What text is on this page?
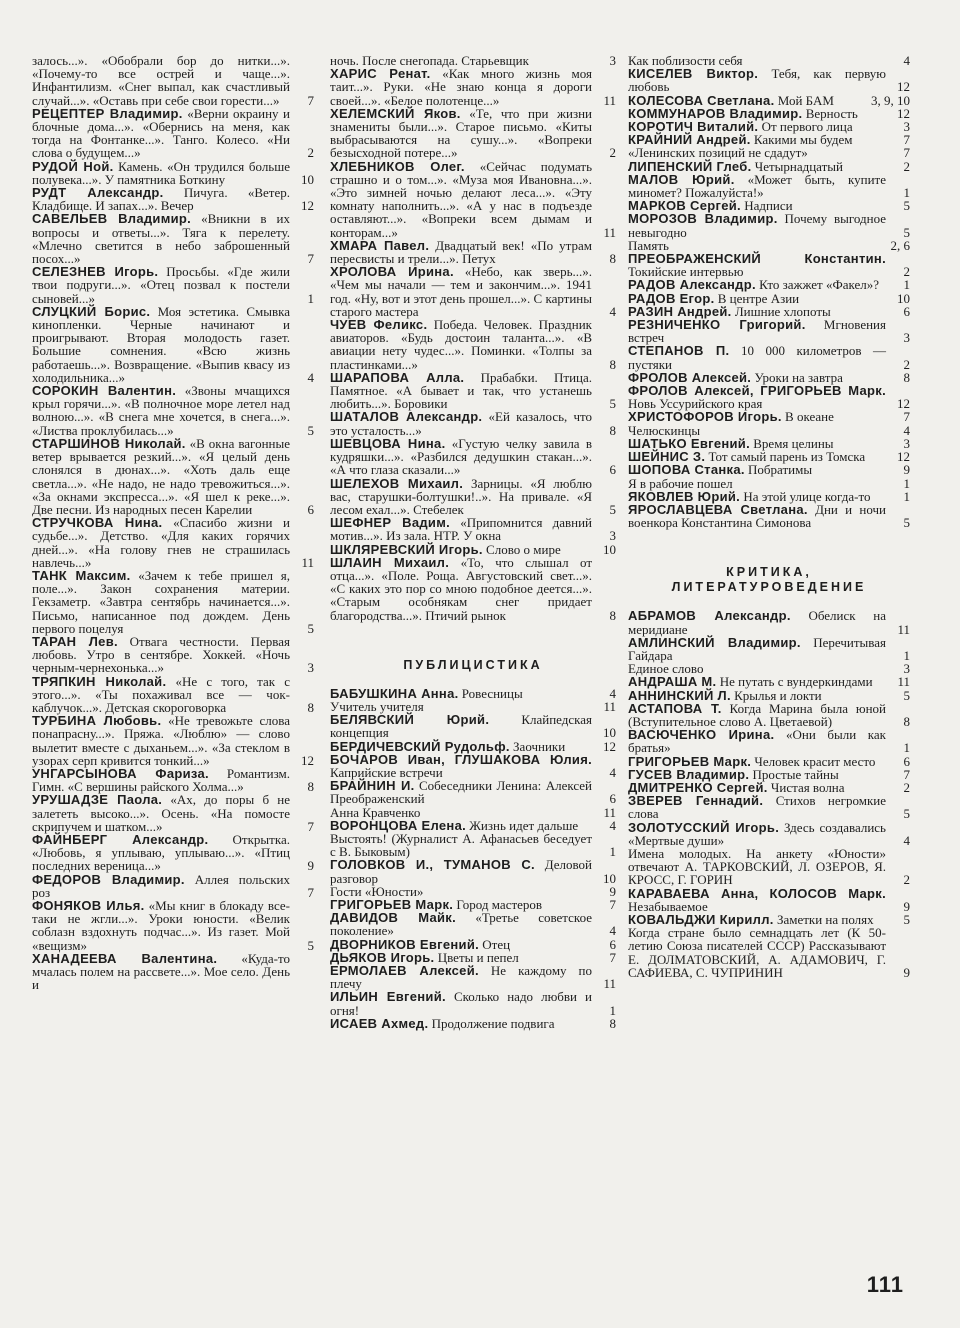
залось...». «Обобрали бор до нитки...». «Почему-то все острей и чаще...». Инфантилизм. «Снег выпал, как счастливый случай...». «Оставь при себе свои горести...»	7
РЕЦЕПТЕР Владимир. «Верни окраину и блочные дома...». «Обернись на меня, как тогда на Фонтанке...». Танго. Колесо. «Ни слова о будущем...»	2
РУДОЙ Ной. Камень. «Он трудился больше полувека...». У памятника Боткину	10
РУДТ Александр. Пичуга. «Ветер. Кладбище. И запах...». Вечер	12
САВЕЛЬЕВ Владимир. «Вникни в их вопросы и ответы...». Тяга к перелету. «Млечно светится в небо заброшенный посох...»	7
СЕЛЕЗНЕВ Игорь. Просьбы. «Где жили твои подруги...». «Отец позвал к постели сыновей...»	1
СЛУЦКИЙ Борис. Моя эстетика. Смывка кинопленки. Черные начинают и проигрывают. Вторая молодость газет. Большие сомнения. «Всю жизнь работаешь...». Возвращение. «Выпив квасу из холодильника...»	4
СОРОКИН Валентин. «Звоны мчащихся крыл горячи...». «В полночное море летел над волною...». «В снега мне хочется, в снега...». «Листва проклубилась...»	5
СТАРШИНОВ Николай. «В окна вагонные ветер врывается резкий...». «Я целый день слонялся в дюнах...». «Хоть даль еще светла...». «Не надо, не надо тревожиться...». «За окнами экспресса...». «Я шел к реке...». Две песни. Из народных песен Карелии	6
СТРУЧКОВА Нина. «Спасибо жизни и судьбе...». Детство. «Для каких горячих дней...». «На голову гнев не страшилась навлечь...»	11
ТАНК Максим. «Зачем к тебе пришел я, поле...». Закон сохранения материи. Гекзаметр. «Завтра сентябрь начинается...». Письмо, написанное под дождем. День первого поцелуя	5
ТАРАН Лев. Отвага честности. Первая любовь. Утро в сентябре. Хоккей. «Ночь черным-чернехонька...»	3
ТРЯПКИН Николай. «Не с того, так с этого...». «Ты похаживал все — чок-каблучок...». Детская скороговорка	8
ТУРБИНА Любовь. «Не тревожьте слова понапрасну...». Пряжа. «Люблю» — слово вылетит вместе с дыханьем...». «За стеклом в узорах серп кривится тонкий...»	12
УНГАРСЫНОВА Фариза. Романтизм. Гимн. «С вершины райского Холма...»	8
УРУШАДЗЕ Паола. «Ах, до поры б не залететь высоко...». Осень. «На помосте скрипучем и шатком...»	7
ФАЙНБЕРГ Александр. Открытка. «Любовь, я уплываю, уплываю...». «Птиц последних вереница...»	9
ФЕДОРОВ Владимир. Аллея польских роз	7
ФОНЯКОВ Илья. «Мы книг в блокаду все-таки не жгли...». Уроки юности. «Велик соблазн вздохнуть подчас...». Из газет. Мой «вещизм»	5
ХАНАДЕЕВА Валентина. «Куда-то мчалась полем на рассвете...». Мое село. День и
ночь. После снегопада. Старьевщик	3
ХАРИС Ренат. «Как много жизнь моя таит...». Руки. «Не знаю конца я дороги своей...». «Белое полотенце...»	11
ХЕЛЕМСКИЙ Яков. «Те, что при жизни знамениты были...». Старое письмо. «Киты выбрасываются на сушу...». «Вопреки безысходной потере...»	2
ХЛЕБНИКОВ Олег. «Сейчас подумать страшно и о том...». «Муза моя Ивановна...». «Это зимней ночью делают леса...». «Эту комнату наполнить...». «А у нас в подъезде оставляют...». «Вопреки всем дымам и конторам...»	11
ХМАРА Павел. Двадцатый век! «По утрам пересвисты и трели...». Петух	8
ХРОЛОВА Ирина. «Небо, как зверь...». «Чем мы начали — тем и закончим...». 1941 год. «Ну, вот и этот день прошел...». С картины старого мастера	4
ЧУЕВ Феликс. Победа. Человек. Праздник авиаторов. «Будь достоин таланта...». «В авиации нету чудес...». Поминки. «Толпы за пластинками...»	8
ШАРАПОВА Алла. Прабабки. Птица. Памятное. «А бывает и так, что устанешь любить...». Боровики	5
ШАТАЛОВ Александр. «Ей казалось, что это усталость...»	8
ШЕВЦОВА Нина. «Густую челку завила в кудряшки...». «Разбился дедушкин стакан...». «А что глаза сказали...»	6
ШЕЛЕХОВ Михаил. Зарницы. «Я люблю вас, старушки-болтушки!..». На привале. «Я лесом ехал...». Стебелек	5
ШЕФНЕР Вадим. «Припомнится давний мотив...». Из зала. НТР. У окна	3
ШКЛЯРЕВСКИЙ Игорь. Слово о мире	10
ШЛАИН Михаил. «То, что слышал от отца...». «Поле. Роща. Августовский свет...». «С каких это пор со мною подобное деется...». «Старым особнякам снег придает благородства...». Птичий рынок	8
ПУБЛИЦИСТИКА
БАБУШКИНА Анна. Ровесницы	4
Учитель учителя	11
БЕЛЯВСКИЙ Юрий. Клайпедская концепция	10
БЕРДИЧЕВСКИЙ Рудольф. Заочники	12
БОЧАРОВ Иван, ГЛУШАКОВА Юлия. Каприйские встречи	4
БРАЙНИН И. Собеседники Ленина: Алексей Преображенский	6
Анна Кравченко	11
ВОРОНЦОВА Елена. Жизнь идет дальше	4
Выстоять! (Журналист А. Афанасьев беседует с В. Быковым)	1
ГОЛОВКОВ И., ТУМАНОВ С. Деловой разговор	10
Гости «Юности»	9
ГРИГОРЬЕВ Марк. Город мастеров	7
ДАВИДОВ Майк. «Третье советское поколение»	4
ДВОРНИКОВ Евгений. Отец	6
ДЬЯКОВ Игорь. Цветы и пепел	7
ЕРМОЛАЕВ Алексей. Не каждому по плечу	11
ИЛЬИН Евгений. Сколько надо любви и огня!	1
ИСАЕВ Ахмед. Продолжение подвига	8
Как поблизости себя	4
КИСЕЛЕВ Виктор. Тебя, как первую любовь	12
КОЛЕСОВА Светлана. Мой БАМ	3, 9, 10
КОММУНАРОВ Владимир. Верность	12
КОРОТИЧ Виталий. От первого лица	3
КРАЙНИЙ Андрей. Какими мы будем	7
«Ленинских позиций не сдадут»	7
ЛИПЕНСКИЙ Глеб. Четырнадцатый	2
МАЛОВ Юрий. «Может быть, купите миномет? Пожалуйста!»	1
МАРКОВ Сергей. Надписи	5
МОРОЗОВ Владимир. Почему выгодное невыгодно	5
Память	2, 6
ПРЕОБРАЖЕНСКИЙ Константин. Токийские интервью	2
РАДОВ Александр. Кто зажжет «Факел»?	1
РАДОВ Егор. В центре Азии	10
РАЗИН Андрей. Лишние хлопоты	6
РЕЗНИЧЕНКО Григорий. Мгновения встреч	3
СТЕПАНОВ П. 10 000 километров — пустяки	2
ФРОЛОВ Алексей. Уроки на завтра	8
ФРОЛОВ Алексей, ГРИГОРЬЕВ Марк. Новь Уссурийского края	12
ХРИСТОФОРОВ Игорь. В океане	7
Челюскинцы	4
ШАТЬКО Евгений. Время целины	3
ШЕЙНИС З. Тот самый парень из Томска	12
ШОПОВА Станка. Побратимы	9
Я в рабочие пошел	1
ЯКОВЛЕВ Юрий. На этой улице когда-то	1
ЯРОСЛАВЦЕВА Светлана. Дни и ночи военкора Константина Симонова	5
КРИТИКА,
ЛИТЕРАТУРОВЕДЕНИЕ
АБРАМОВ Александр. Обелиск на меридиане	11
АМЛИНСКИЙ Владимир. Перечитывая Гайдара	1
Единое слово	3
АНДРАША М. Не путать с вундеркиндами	11
АННИНСКИЙ Л. Крылья и локти	5
АСТАПОВА Т. Когда Марина была юной (Вступительное слово А. Цветаевой)	8
ВАСЮЧЕНКО Ирина. «Они были как братья»	1
ГРИГОРЬЕВ Марк. Человек красит место	6
ГУСЕВ Владимир. Простые тайны	7
ДМИТРЕНКО Сергей. Чистая волна	2
ЗВЕРЕВ Геннадий. Стихов негромкие слова	5
ЗОЛОТУССКИЙ Игорь. Здесь создавались «Мертвые души»	4
Имена молодых. На анкету «Юности» отвечают А. ТАРКОВСКИЙ, Л. ОЗЕРОВ, Я. КРОСС, Г. ГОРИН	2
КАРАВАЕВА Анна, КОЛОСОВ Марк. Незабываемое	9
КОВАЛЬДЖИ Кирилл. Заметки на полях	5
Когда стране было семнадцать лет (К 50-летию Союза писателей СССР) Рассказывают Е. ДОЛМАТОВСКИЙ, А. АДАМОВИЧ, Г. САФИЕВА, С. ЧУПРИНИН	9
111
